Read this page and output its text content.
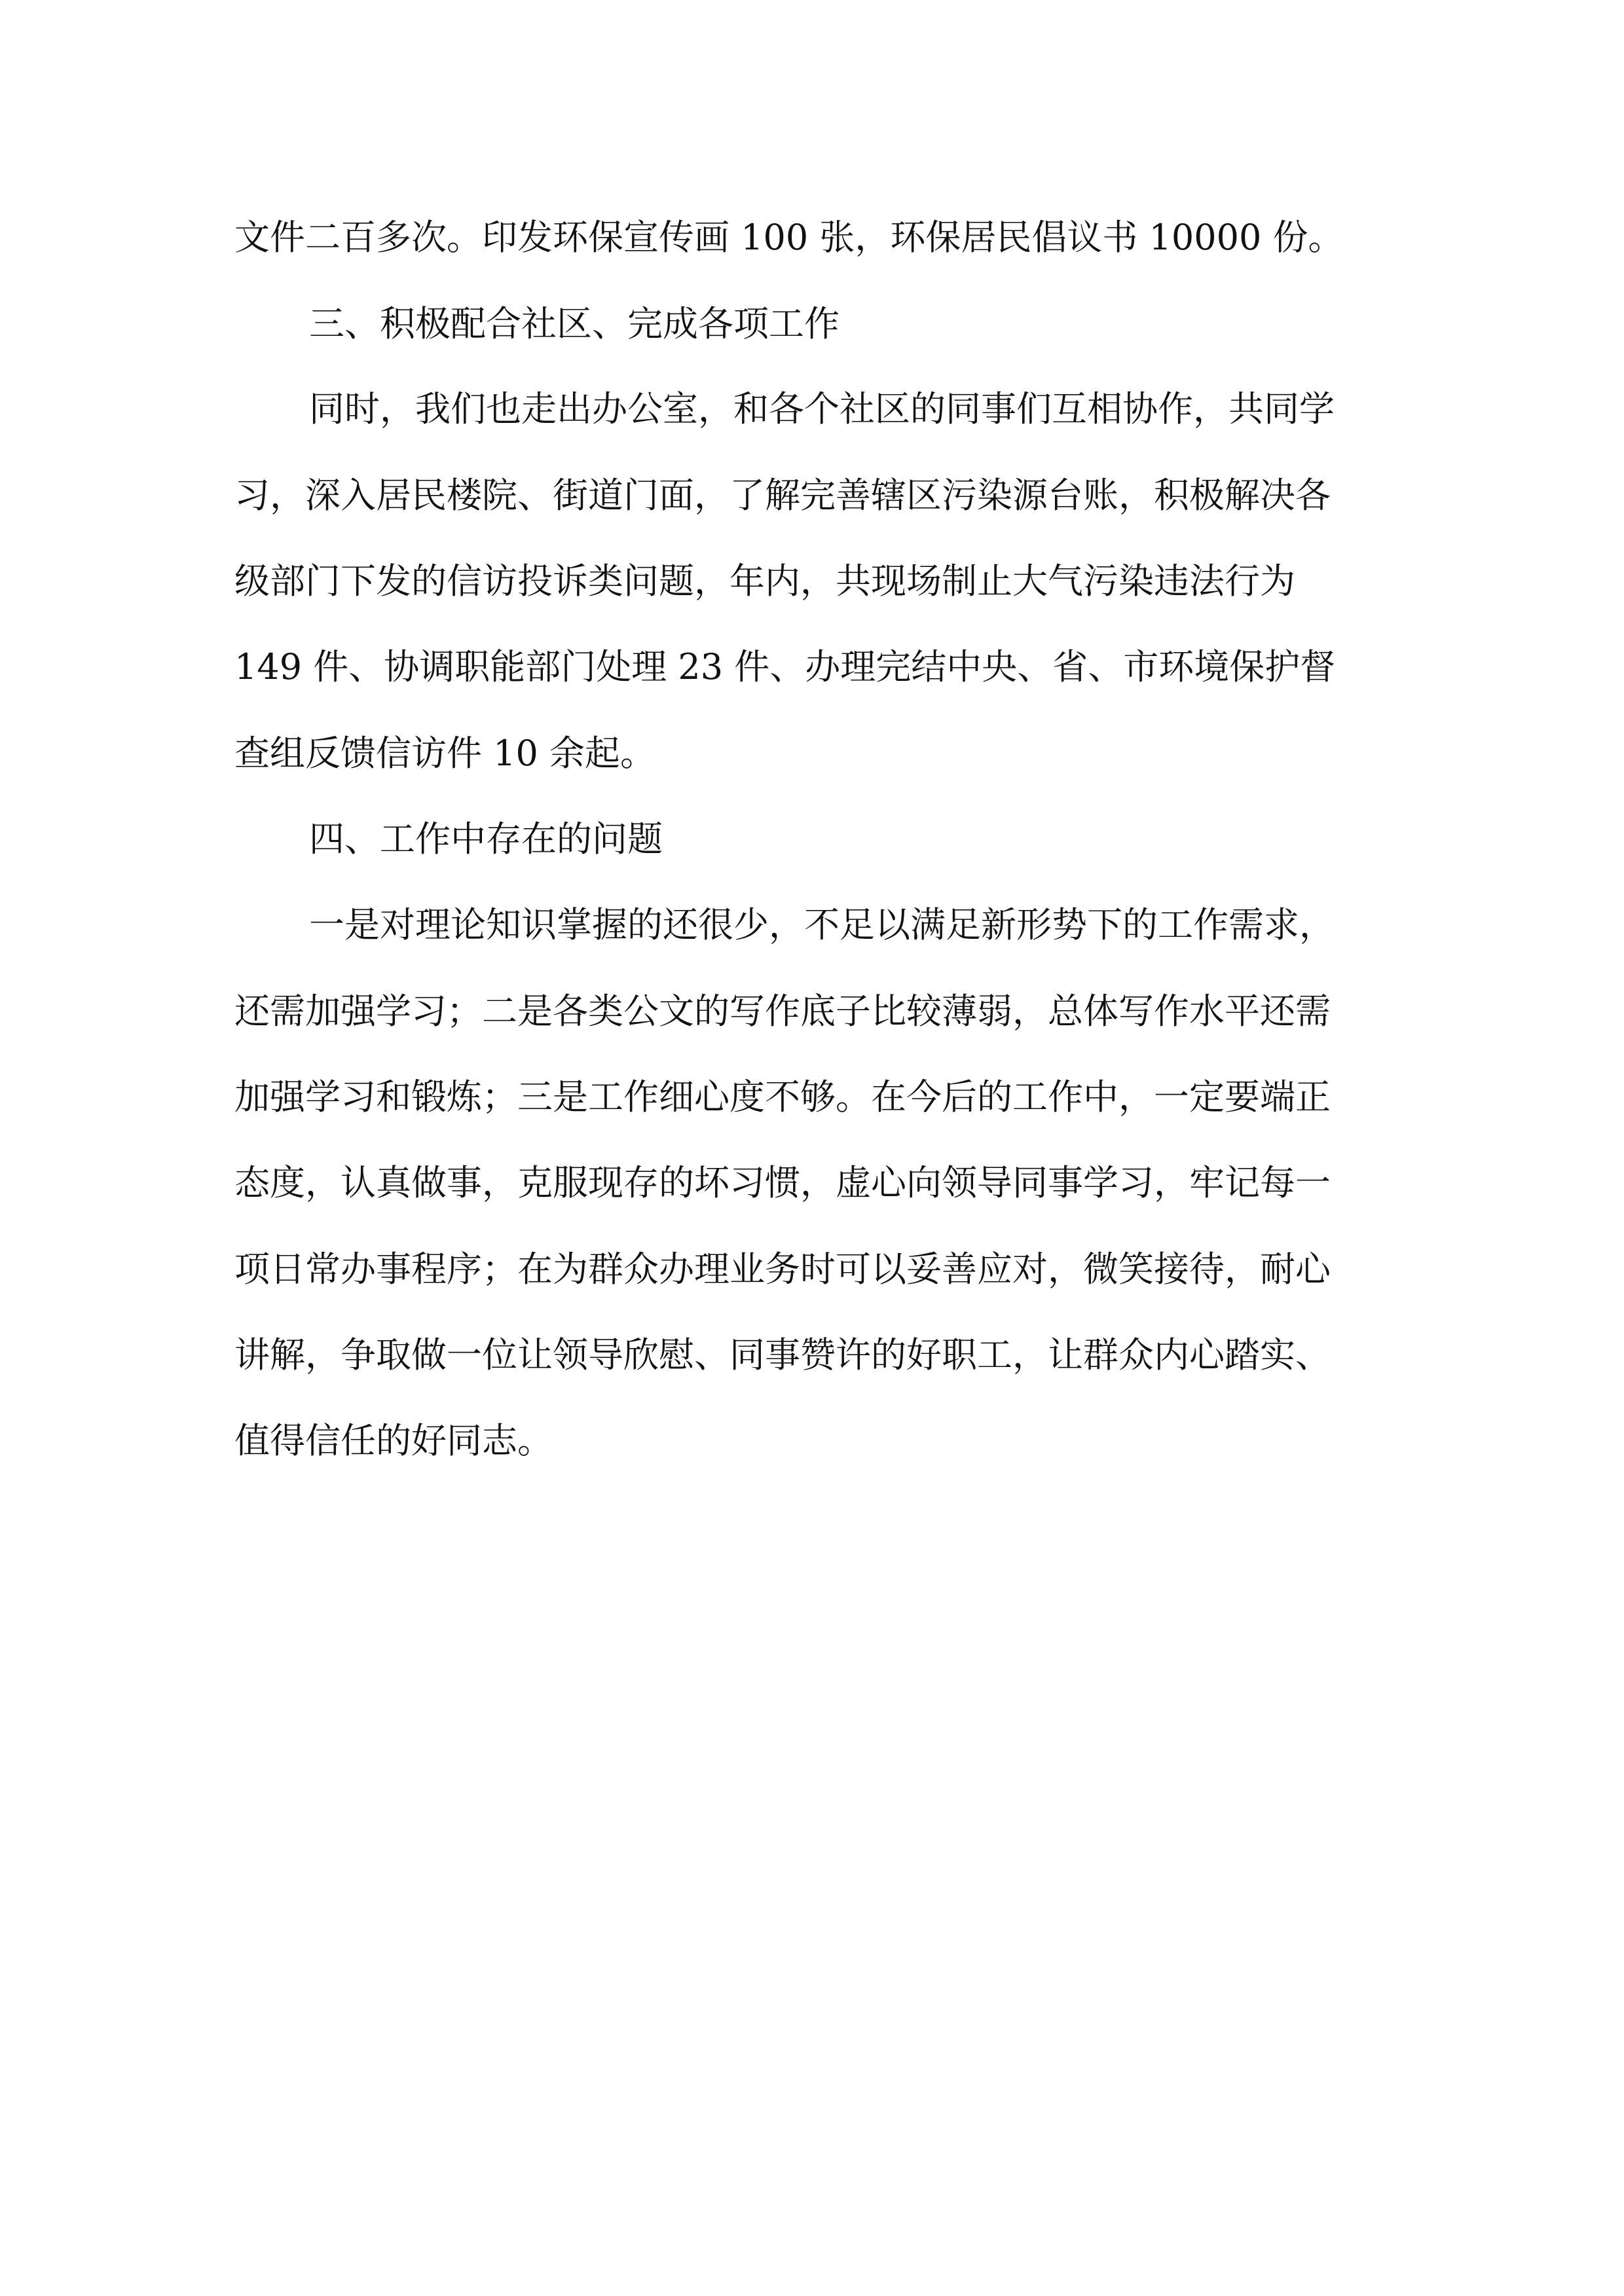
文件二百多次。印发环保宣传画 100 张，环保居民倡议书 10000 份。
三、积极配合社区、完成各项工作
同时，我们也走出办公室，和各个社区的同事们互相协作，共同学
习，深入居民楼院、街道门面，了解完善辖区污染源台账，积极解决各
级部门下发的信访投诉类问题，年内，共现场制止大气污染违法行为
149 件、协调职能部门处理 23 件、办理完结中央、省、市环境保护督
查组反馈信访件 10 余起。
四、工作中存在的问题
一是对理论知识掌握的还很少，不足以满足新形势下的工作需求，
还需加强学习；二是各类公文的写作底子比较薄弱，总体写作水平还需
加强学习和锻炼；三是工作细心度不够。在今后的工作中，一定要端正
态度，认真做事，克服现存的坏习惯，虚心向领导同事学习，牢记每一
项日常办事程序；在为群众办理业务时可以妥善应对，微笑接待，耐心
讲解，争取做一位让领导欣慰、同事赞许的好职工，让群众内心踏实、
值得信任的好同志。
